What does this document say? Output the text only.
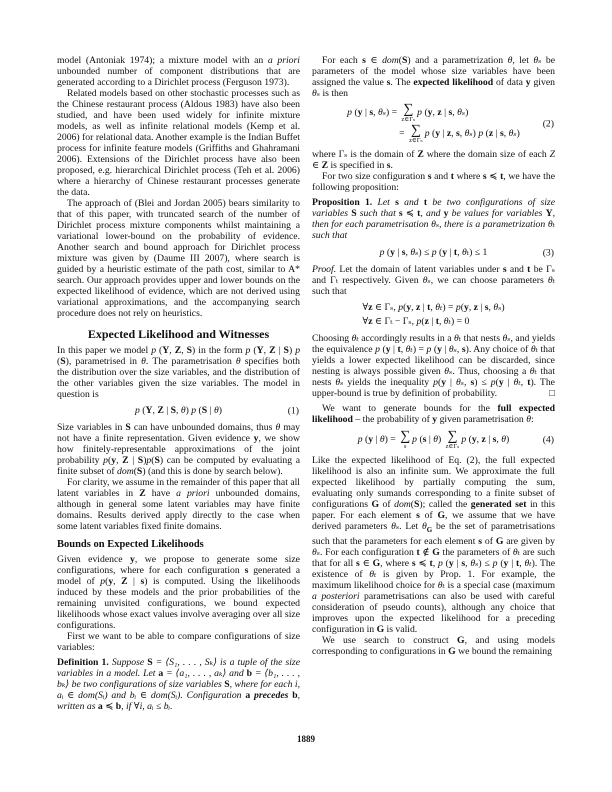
model (Antoniak 1974); a mixture model with an a priori unbounded number of component distributions that are generated according to a Dirichlet process (Ferguson 1973).

Related models based on other stochastic processes such as the Chinese restaurant process (Aldous 1983) have also been studied, and have been used widely for infinite mixture models, as well as infinite relational models (Kemp et al. 2006) for relational data. Another example is the Indian Buffet process for infinite feature models (Griffiths and Ghahramani 2006). Extensions of the Dirichlet process have also been proposed, e.g. hierarchical Dirichlet process (Teh et al. 2006) where a hierarchy of Chinese restaurant processes generate the data.

The approach of (Blei and Jordan 2005) bears similarity to that of this paper, with truncated search of the number of Dirichlet process mixture components whilst maintaining a variational lower-bound on the probability of evidence. Another search and bound approach for Dirichlet process mixture was given by (Daume III 2007), where search is guided by a heuristic estimate of the path cost, similar to A* search. Our approach provides upper and lower bounds on the expected likelihood of evidence, which are not derived using variational approximations, and the accompanying search procedure does not rely on heuristics.

Expected Likelihood and Witnesses

In this paper we model p (Y, Z, S) in the form p (Y, Z | S) p (S), parametrised in θ. The parametrisation θ specifies both the distribution over the size variables, and the distribution of the other variables given the size variables. The model in question is

p (Y, Z | S, θ) p (S | θ)	(1)

Size variables in S can have unbounded domains, thus θ may not have a finite representation. Given evidence y, we show how finitely-representable approximations of the joint probability p(y, Z | S)p(S) can be computed by evaluating a finite subset of dom(S) (and this is done by search below).

For clarity, we assume in the remainder of this paper that all latent variables in Z have a priori unbounded domains, although in general some latent variables may have finite domains. Results derived apply directly to the case when some latent variables fixed finite domains.

Bounds on Expected Likelihoods

Given evidence y, we propose to generate some size configurations, where for each configuration s generated a model of p(y, Z | s) is computed. Using the likelihoods induced by these models and the prior probabilities of the remaining unvisited configurations, we bound expected likelihoods whose exact values involve averaging over all size configurations.

First we want to be able to compare configurations of size variables:

Definition 1. Suppose S = ⟨S₁, . . . , Sₖ⟩ is a tuple of the size variables in a model. Let a = ⟨a₁, . . . , aₖ⟩ and b = ⟨b₁, . . . , bₖ⟩ be two configurations of size variables S, where for each i, aᵢ ∈ dom(Sᵢ) and bᵢ ∈ dom(Sᵢ). Configuration a precedes b, written as a ≼ b, if ∀i, aᵢ ≤ bᵢ.

For each s ∈ dom(S) and a parametrization θ, let θₛ be parameters of the model whose size variables have been assigned the value s. The expected likelihood of data y given θₛ is then

p (y | s, θₛ) = ∑
z∈Γₛ
p (y, z | s, θₛ)
= ∑
z∈Γₛ
p (y | z, s, θₛ) p (z | s, θₛ)
(2)

where Γₛ is the domain of Z where the domain size of each Z ∈ Z is specified in s.

For two size configuration s and t where s ≼ t, we have the following proposition:

Proposition 1. Let s and t be two configurations of size variables S such that s ≼ t, and y be values for variables Y, then for each parametrisation θₛ, there is a parametrization θₜ such that

p (y | s, θₛ) ≤ p (y | t, θₜ) ≤ 1	(3)

Proof. Let the domain of latent variables under s and t be Γₛ and Γₜ respectively. Given θₛ, we can choose parameters θₜ such that

∀z ∈ Γₛ, p(y, z | t, θₜ) = p(y, z | s, θₛ)
∀z ∈ Γₜ − Γₛ, p(z | t, θₜ) = 0

Choosing θₜ accordingly results in a θₜ that nests θₛ, and yields the equivalence p (y | t, θₜ) = p (y | θₛ, s). Any choice of θₜ that yields a lower expected likelihood can be discarded, since nesting is always possible given θₛ. Thus, choosing a θₜ that nests θₛ yields the inequality p(y | θₛ, s) ≤ p(y | θₜ, t). The upper-bound is true by definition of probability.	□

We want to generate bounds for the full expected likelihood – the probability of y given parametrisation θ:

p (y | θ) = ∑
s
p (s | θ) ∑
z∈Γₛ
p (y, z | s, θ)	(4)

Like the expected likelihood of Eq. (2), the full expected likelihood is also an infinite sum. We approximate the full expected likelihood by partially computing the sum, evaluating only sumands corresponding to a finite subset of configurations G of dom(S); called the generated set in this paper. For each element s of G, we assume that we have derived parameters θₛ. Let $\theta_G$ be the set of parametrisations such that the parameters for each element s of G are given by θₛ. For each configuration t ∉ G the parameters of θₜ are such that for all s ∈ G, where s ≼ t, p (y | s, θₛ) ≤ p (y | t, θₜ). The existence of θₜ is given by Prop. 1. For example, the maximum likelihood choice for θₜ is a special case (maximum a posteriori parametrisations can also be used with careful consideration of pseudo counts), although any choice that improves upon the expected likelihood for a preceding configuration in G is valid.

We use search to construct G, and using models corresponding to configurations in G we bound the remaining

1889
